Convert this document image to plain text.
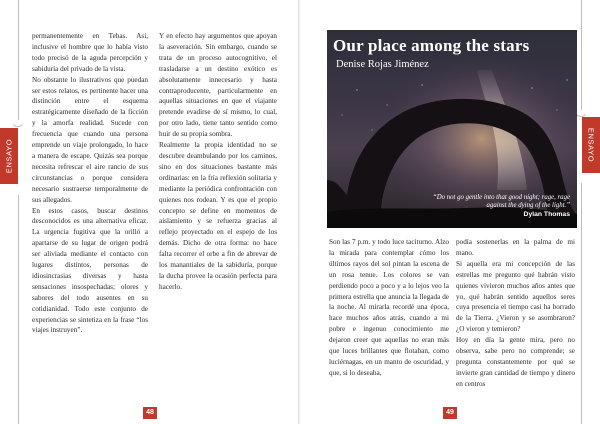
ENSAYO

permanentemente en Tebas. Así, inclusive el hombre que lo había visto todo precisó de la aguda percepción y sabiduría del privado de la vista.

No obstante lo ilustrativos que puedan ser estos relatos, es pertinente hacer una distinción entre el esquema estratégicamente diseñado de la ficción y la amorfa realidad. Sucede con frecuencia que cuando una persona emprende un viaje prolongado, lo hace a manera de escape. Quizás sea porque necesita refrescar el aire rancio de sus circunstancias o porque considera necesario sustraerse temporalmente de sus allegados.

En estos casos, buscar destinos desconocidos es una alternativa eficaz. La urgencia fugitiva que la orilló a apartarse de su lugar de origen podrá ser aliviada mediante el contacto con lugares distintos, personas de idiosincrasias diversas y hasta sensaciones insospechadas; olores y sabores del todo ausentes en su cotidianidad. Todo este conjunto de experiencias se sintetiza en la frase “los viajes instruyen”.

Y en efecto hay argumentos que apoyan la aseveración. Sin embargo, cuando se trata de un proceso autocognitivo, el trasladarse a un destino exótico es absolutamente innecesario y hasta contraproducente, particularmente en aquellas situaciones en que el viajante pretende evadirse de sí mismo, lo cual, por otro lado, tiene tanto sentido como huir de su propia sombra.

Realmente la propia identidad no se descubre deambulando por los caminos, sino en dos situaciones bastante más ordinarias: en la fría reflexión solitaria y mediante la periódica confrontación con quienes nos rodean. Y es que el propio concepto se define en momentos de aislamiento y se refuerza gracias al reflejo proyectado en el espejo de los demás. Dicho de otra forma: no hace falta recorrer el orbe a fin de abrevar de los manantiales de la sabiduría, porque la ducha provee la ocasión perfecta para hacerlo.

48
ENSAYO
Our place among the stars
Denise Rojas Jiménez
“Do not go gentle into that good night; rage, rage against the dying of the light.”
Dylan Thomas

Son las 7 p.m. y todo luce taciturno. Alzo la mirada para contemplar cómo los últimos rayos del sol pintan la escena de un rosa tenue. Los colores se van perdiendo poco a poco y a lo lejos veo la primera estrella que anuncia la llegada de la noche. Al mirarla recordé una época, hace muchos años atrás, cuando a mi pobre e ingenuo conocimiento me dejaron creer que aquellas no eran más que luces brillantes que flotaban, como luciérnagas, en un manto de oscuridad, y que, si lo deseaba,

podía sostenerlas en la palma de mi mano.

Si aquella era mi concepción de las estrellas me pregunto qué habrán visto quienes vivieron muchos años antes que yo, qué habrán sentido aquellos seres cuya presencia el tiempo casi ha borrado de la Tierra. ¿Vieron y se asombraron? ¿O vieron y temieron?

Hoy en día la gente mira, pero no observa, sabe pero no comprende; se pregunta constantemente por qué se invierte gran cantidad de tiempo y dinero en centros

49
